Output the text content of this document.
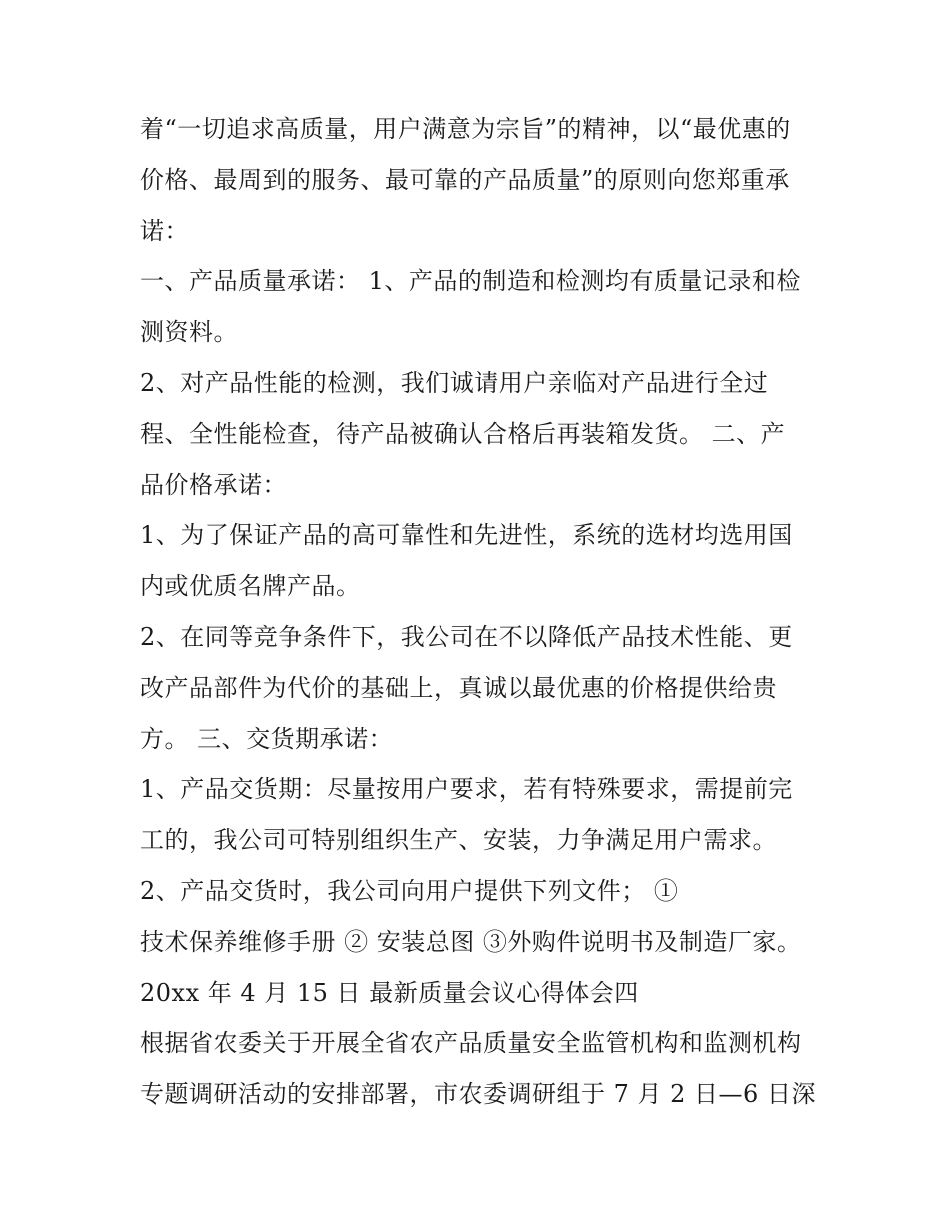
着“一切追求高质量，用户满意为宗旨”的精神，以“最优惠的
价格、最周到的服务、最可靠的产品质量”的原则向您郑重承
诺：
一、产品质量承诺： 1、产品的制造和检测均有质量记录和检
测资料。
2、对产品性能的检测，我们诚请用户亲临对产品进行全过
程、全性能检查，待产品被确认合格后再装箱发货。 二、产
品价格承诺：
1、为了保证产品的高可靠性和先进性，系统的选材均选用国
内或优质名牌产品。
2、在同等竞争条件下，我公司在不以降低产品技术性能、更
改产品部件为代价的基础上，真诚以最优惠的价格提供给贵
方。 三、交货期承诺：
1、产品交货期：尽量按用户要求，若有特殊要求，需提前完
工的，我公司可特别组织生产、安装，力争满足用户需求。
2、产品交货时，我公司向用户提供下列文件； ①
技术保养维修手册 ② 安装总图 ③外购件说明书及制造厂家。
20xx 年 4 月 15 日 最新质量会议心得体会四
根据省农委关于开展全省农产品质量安全监管机构和监测机构
专题调研活动的安排部署，市农委调研组于 7 月 2 日—6 日深
